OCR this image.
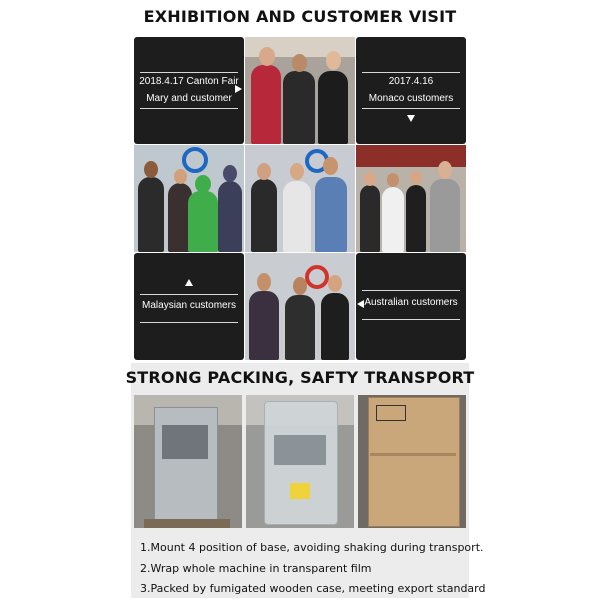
EXHIBITION AND CUSTOMER VISIT
2018.4.17 Canton Fair
Mary and customer
2017.4.16
Monaco customers
Malaysian customers	Australian customers
STRONG PACKING, SAFTY TRANSPORT
1.Mount 4 position of base, avoiding shaking during transport.
2.Wrap whole machine in transparent film
3.Packed by fumigated wooden case, meeting export standard
